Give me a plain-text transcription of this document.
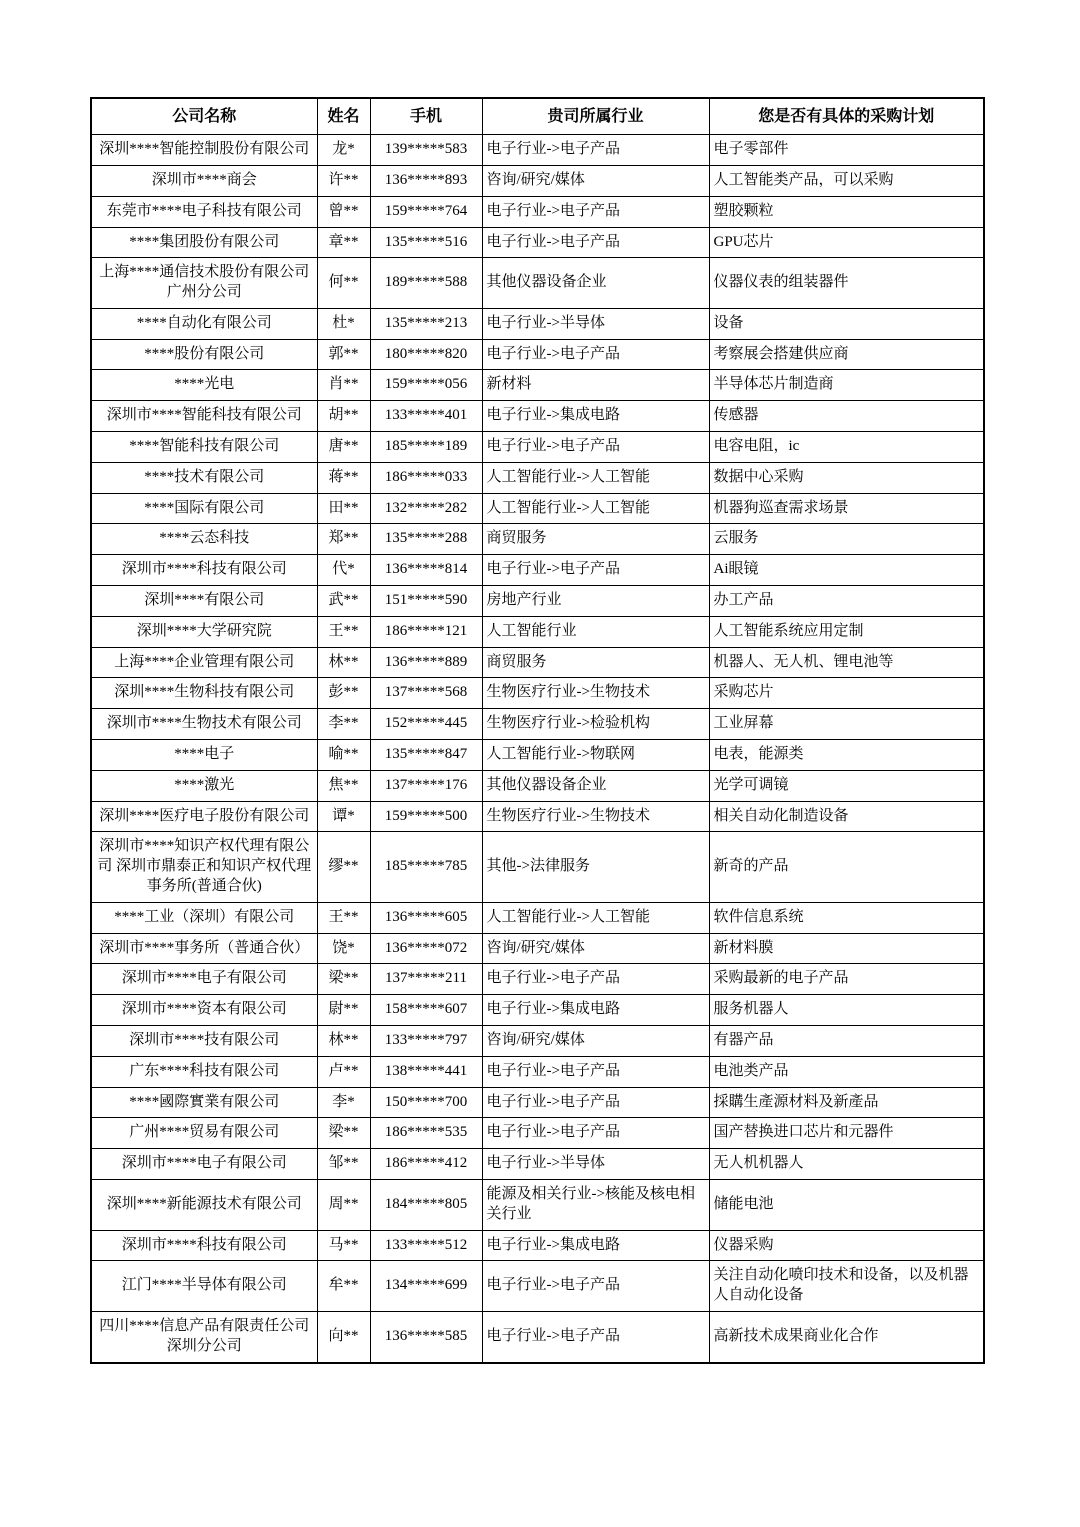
公司名称	姓名	手机	贵司所属行业	您是否有具体的采购计划
深圳****智能控制股份有限公司	龙*	139*****583	电子行业->电子产品	电子零部件
深圳市****商会	许**	136*****893	咨询/研究/媒体	人工智能类产品，可以采购
东莞市****电子科技有限公司	曾**	159*****764	电子行业->电子产品	塑胶颗粒
****集团股份有限公司	章**	135*****516	电子行业->电子产品	GPU芯片
上海****通信技术股份有限公司 广州分公司	何**	189*****588	其他仪器设备企业	仪器仪表的组装器件
****自动化有限公司	杜*	135*****213	电子行业->半导体	设备
****股份有限公司	郭**	180*****820	电子行业->电子产品	考察展会搭建供应商
****光电	肖**	159*****056	新材料	半导体芯片制造商
深圳市****智能科技有限公司	胡**	133*****401	电子行业->集成电路	传感器
****智能科技有限公司	唐**	185*****189	电子行业->电子产品	电容电阻，ic
****技术有限公司	蒋**	186*****033	人工智能行业->人工智能	数据中心采购
****国际有限公司	田**	132*****282	人工智能行业->人工智能	机器狗巡查需求场景
****云态科技	郑**	135*****288	商贸服务	云服务
深圳市****科技有限公司	代*	136*****814	电子行业->电子产品	Ai眼镜
深圳****有限公司	武**	151*****590	房地产行业	办工产品
深圳****大学研究院	王**	186*****121	人工智能行业	人工智能系统应用定制
上海****企业管理有限公司	林**	136*****889	商贸服务	机器人、无人机、锂电池等
深圳****生物科技有限公司	彭**	137*****568	生物医疗行业->生物技术	采购芯片
深圳市****生物技术有限公司	李**	152*****445	生物医疗行业->检验机构	工业屏幕
****电子	喻**	135*****847	人工智能行业->物联网	电表，能源类
****激光	焦**	137*****176	其他仪器设备企业	光学可调镜
深圳****医疗电子股份有限公司	谭*	159*****500	生物医疗行业->生物技术	相关自动化制造设备
深圳市****知识产权代理有限公司 深圳市鼎泰正和知识产权代理事务所(普通合伙)	缪**	185*****785	其他->法律服务	新奇的产品
****工业（深圳）有限公司	王**	136*****605	人工智能行业->人工智能	软件信息系统
深圳市****事务所（普通合伙）	饶*	136*****072	咨询/研究/媒体	新材料膜
深圳市****电子有限公司	梁**	137*****211	电子行业->电子产品	采购最新的电子产品
深圳市****资本有限公司	尉**	158*****607	电子行业->集成电路	服务机器人
深圳市****技有限公司	林**	133*****797	咨询/研究/媒体	有器产品
广东****科技有限公司	卢**	138*****441	电子行业->电子产品	电池类产品
****國際實業有限公司	李*	150*****700	电子行业->电子产品	採購生產源材料及新產品
广州****贸易有限公司	梁**	186*****535	电子行业->电子产品	国产替换进口芯片和元器件
深圳市****电子有限公司	邹**	186*****412	电子行业->半导体	无人机机器人
深圳****新能源技术有限公司	周**	184*****805	能源及相关行业->核能及核电相关行业	储能电池
深圳市****科技有限公司	马**	133*****512	电子行业->集成电路	仪器采购
江门****半导体有限公司	牟**	134*****699	电子行业->电子产品	关注自动化喷印技术和设备，以及机器人自动化设备
四川****信息产品有限责任公司深圳分公司	向**	136*****585	电子行业->电子产品	高新技术成果商业化合作
